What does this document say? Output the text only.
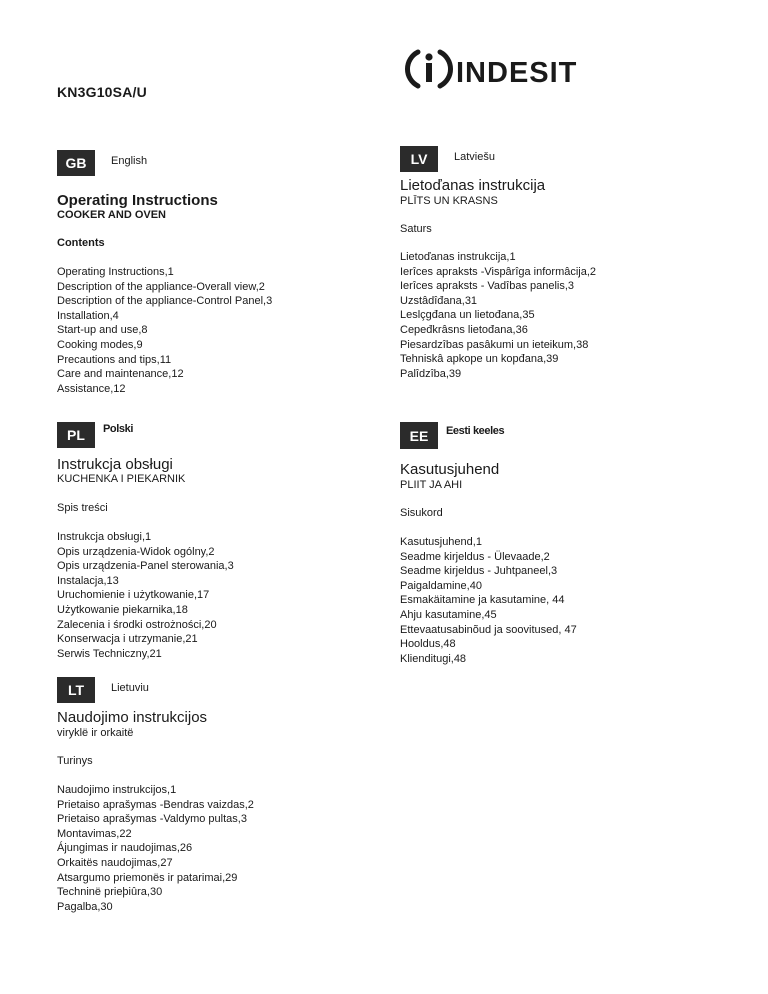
KN3G10SA/U
INDESIT
GB	English
Operating Instructions
COOKER AND OVEN
Contents
Operating Instructions,1
Description of the appliance-Overall view,2
Description of the appliance-Control Panel,3
Installation,4
Start-up and use,8
Cooking modes,9
Precautions and tips,11
Care and maintenance,12
Assistance,12
LV	Latviešu
Lietoďanas instrukcija
PLĪTS UN KRASNS
Saturs
Lietoďanas instrukcija,1
Ierîces apraksts -Vispârîga informâcija,2
Ierîces apraksts - Vadîbas panelis,3
Uzstâdîđana,31
Leslçgđana un lietođana,35
Cepeđkrâsns lietođana,36
Piesardzîbas pasâkumi un ieteikum,38
Tehniskâ apkope un kopđana,39
Palîdzîba,39
PL	Polski
Instrukcja obsługi
KUCHENKA I PIEKARNIK
Spis treści
Instrukcja obsługi,1
Opis urządzenia-Widok ogólny,2
Opis urządzenia-Panel sterowania,3
Instalacja,13
Uruchomienie i użytkowanie,17
Użytkowanie piekarnika,18
Zalecenia i środki ostrożności,20
Konserwacja i utrzymanie,21
Serwis Techniczny,21
EE	Eesti keeles
Kasutusjuhend
PLIIT JA AHI
Sisukord
Kasutusjuhend,1
Seadme kirjeldus - Ülevaade,2
Seadme kirjeldus - Juhtpaneel,3
Paigaldamine,40
Esmakäitamine ja kasutamine, 44
Ahju kasutamine,45
Ettevaatusabinõud ja soovitused, 47
Hooldus,48
Klienditugi,48
LT	Lietuviu
Naudojimo instrukcijos
viryklë ir orkaitë
Turinys
Naudojimo instrukcijos,1
Prietaiso aprašymas -Bendras vaizdas,2
Prietaiso aprašymas -Valdymo pultas,3
Montavimas,22
Ájungimas ir naudojimas,26
Orkaitës naudojimas,27
Atsargumo priemonës ir patarimai,29
Techninë prieþiûra,30
Pagalba,30
